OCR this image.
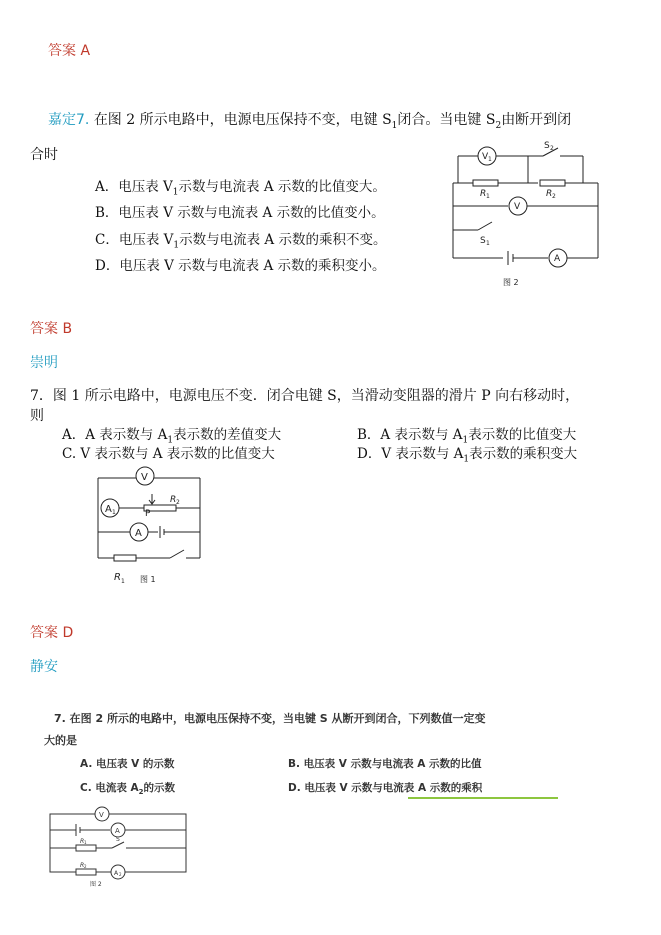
答案 A
嘉定7. 在图 2 所示电路中，电源电压保持不变，电键 $S_1$闭合。当电键 $S_2$由断开到闭
合时
A．电压表 $V_1$示数与电流表 A 示数的比值变大。
B．电压表 V 示数与电流表 A 示数的比值变小。
C．电压表 $V_1$示数与电流表 A 示数的乘积不变。
D．电压表 V 示数与电流表 A 示数的乘积变小。
V 1
S 2
R 1	R 2
V
A
S 1
图 2
答案 B
崇明
7．图 1 所示电路中，电源电压不变．闭合电键 S，当滑动变阻器的滑片 P 向右移动时，
则
A．A 表示数与 $A_1$表示数的差值变大	B．A 表示数与 $A_1$表示数的比值变大
C. V 表示数与 A 表示数的比值变大	D．V 表示数与 $A_1$表示数的乘积变大
V
A 1	P
R 2
A
R 1 图 1
答案 D
静安
7. 在图 2 所示的电路中，电源电压保持不变，当电键 S 从断开到闭合，下列数值一定变
大的是
A. 电压表 V 的示数	B. 电压表 V 示数与电流表 A 示数的比值
C. 电流表 $A_2$的示数	D. 电压表 V 示数与电流表 A 示数的乘积
V
A
R 1	S
R 2
A 2
图 2
